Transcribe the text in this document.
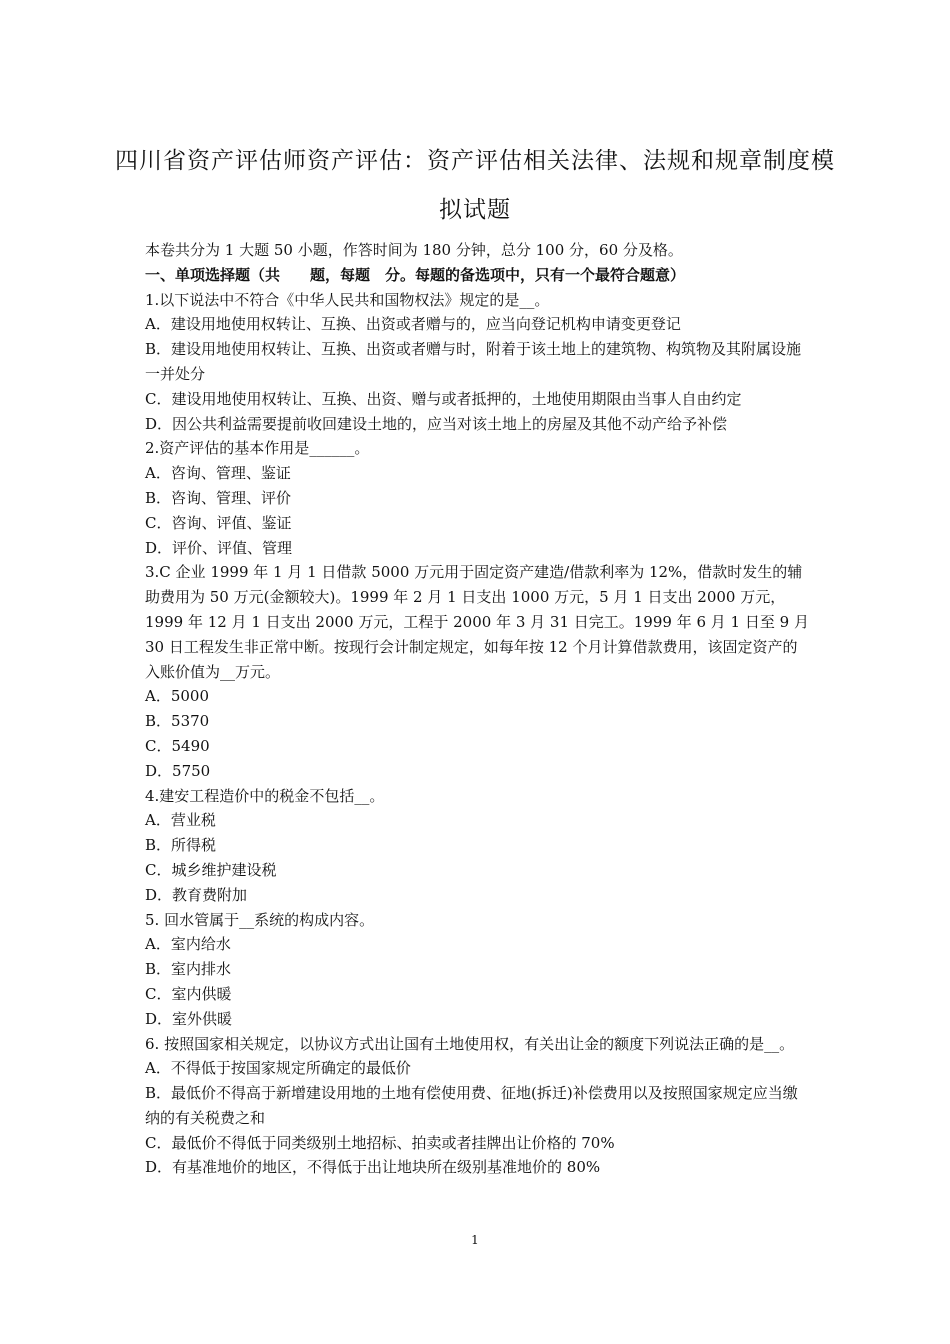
四川省资产评估师资产评估：资产评估相关法律、法规和规章制度模
拟试题

本卷共分为 1 大题 50 小题，作答时间为 180 分钟，总分 100 分，60 分及格。

一、单项选择题（共　　题，每题　分。每题的备选项中，只有一个最符合题意）

1.以下说法中不符合《中华人民共和国物权法》规定的是__。

A．建设用地使用权转让、互换、出资或者赠与的，应当向登记机构申请变更登记

B．建设用地使用权转让、互换、出资或者赠与时，附着于该土地上的建筑物、构筑物及其附属设施一并处分

C．建设用地使用权转让、互换、出资、赠与或者抵押的，土地使用期限由当事人自由约定

D．因公共利益需要提前收回建设土地的，应当对该土地上的房屋及其他不动产给予补偿

2.资产评估的基本作用是______。

A．咨询、管理、鉴证

B．咨询、管理、评价

C．咨询、评值、鉴证

D．评价、评值、管理

3.C 企业 1999 年 1 月 1 日借款 5000 万元用于固定资产建造/借款利率为 12%，借款时发生的辅助费用为 50 万元(金额较大)。1999 年 2 月 1 日支出 1000 万元，5 月 1 日支出 2000 万元，1999 年 12 月 1 日支出 2000 万元，工程于 2000 年 3 月 31 日完工。1999 年 6 月 1 日至 9 月 30 日工程发生非正常中断。按现行会计制定规定，如每年按 12 个月计算借款费用，该固定资产的入账价值为__万元。

A．5000

B．5370

C．5490

D．5750

4.建安工程造价中的税金不包括__。

A．营业税

B．所得税

C．城乡维护建设税

D．教育费附加

5. 回水管属于__系统的构成内容。

A．室内给水

B．室内排水

C．室内供暖

D．室外供暖

6. 按照国家相关规定，以协议方式出让国有土地使用权，有关出让金的额度下列说法正确的是__。

A．不得低于按国家规定所确定的最低价

B．最低价不得高于新增建设用地的土地有偿使用费、征地(拆迁)补偿费用以及按照国家规定应当缴纳的有关税费之和

C．最低价不得低于同类级别土地招标、拍卖或者挂牌出让价格的 70%

D．有基准地价的地区，不得低于出让地块所在级别基准地价的 80%

1
